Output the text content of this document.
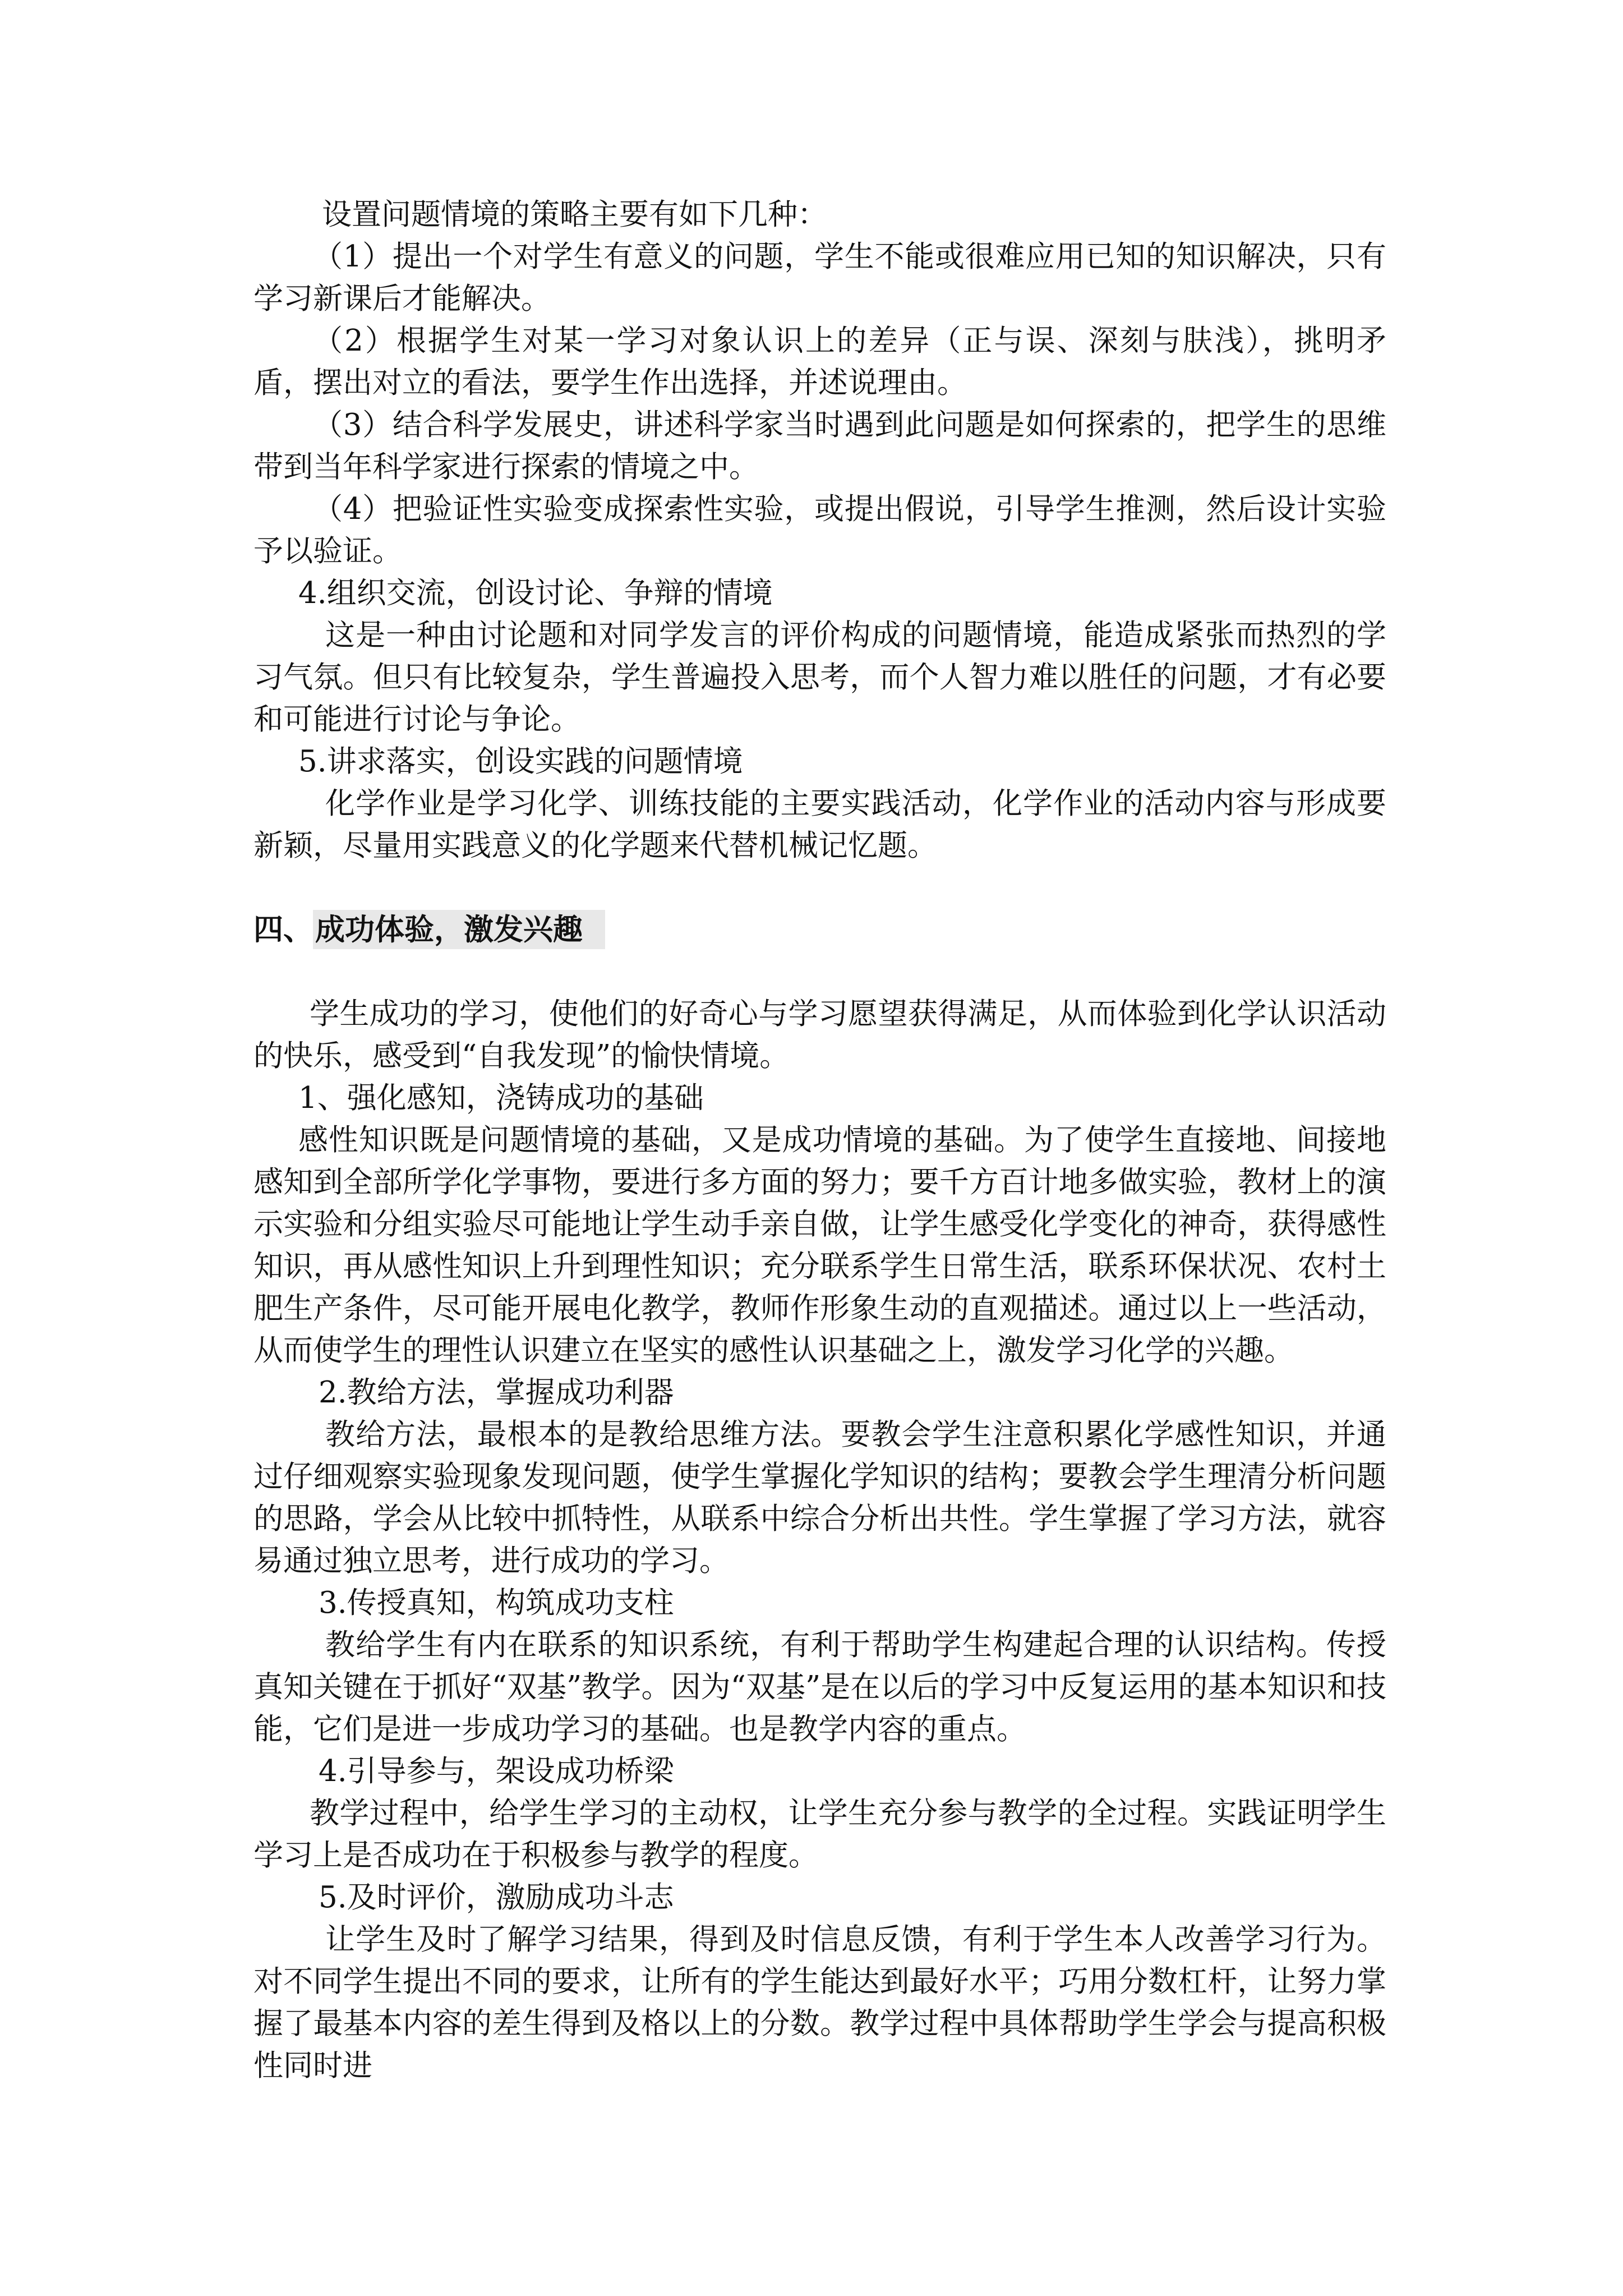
设置问题情境的策略主要有如下几种：

（1）提出一个对学生有意义的问题，学生不能或很难应用已知的知识解决，只有学习新课后才能解决。

（2）根据学生对某一学习对象认识上的差异（正与误、深刻与肤浅），挑明矛盾，摆出对立的看法，要学生作出选择，并述说理由。

（3）结合科学发展史，讲述科学家当时遇到此问题是如何探索的，把学生的思维带到当年科学家进行探索的情境之中。

（4）把验证性实验变成探索性实验，或提出假说，引导学生推测，然后设计实验予以验证。

4.组织交流，创设讨论、争辩的情境

这是一种由讨论题和对同学发言的评价构成的问题情境，能造成紧张而热烈的学习气氛。但只有比较复杂，学生普遍投入思考，而个人智力难以胜任的问题，才有必要和可能进行讨论与争论。

5.讲求落实，创设实践的问题情境

化学作业是学习化学、训练技能的主要实践活动，化学作业的活动内容与形成要新颖，尽量用实践意义的化学题来代替机械记忆题。

四、成功体验，激发兴趣

学生成功的学习，使他们的好奇心与学习愿望获得满足，从而体验到化学认识活动的快乐，感受到“自我发现”的愉快情境。

1、强化感知，浇铸成功的基础

感性知识既是问题情境的基础，又是成功情境的基础。为了使学生直接地、间接地感知到全部所学化学事物，要进行多方面的努力；要千方百计地多做实验，教材上的演示实验和分组实验尽可能地让学生动手亲自做，让学生感受化学变化的神奇，获得感性知识，再从感性知识上升到理性知识；充分联系学生日常生活，联系环保状况、农村土肥生产条件，尽可能开展电化教学，教师作形象生动的直观描述。通过以上一些活动，从而使学生的理性认识建立在坚实的感性认识基础之上，激发学习化学的兴趣。

2.教给方法，掌握成功利器

教给方法，最根本的是教给思维方法。要教会学生注意积累化学感性知识，并通过仔细观察实验现象发现问题，使学生掌握化学知识的结构；要教会学生理清分析问题的思路，学会从比较中抓特性，从联系中综合分析出共性。学生掌握了学习方法，就容易通过独立思考，进行成功的学习。

3.传授真知，构筑成功支柱

教给学生有内在联系的知识系统，有利于帮助学生构建起合理的认识结构。传授真知关键在于抓好“双基”教学。因为“双基”是在以后的学习中反复运用的基本知识和技能，它们是进一步成功学习的基础。也是教学内容的重点。

4.引导参与，架设成功桥梁

教学过程中，给学生学习的主动权，让学生充分参与教学的全过程。实践证明学生学习上是否成功在于积极参与教学的程度。

5.及时评价，激励成功斗志

让学生及时了解学习结果，得到及时信息反馈，有利于学生本人改善学习行为。对不同学生提出不同的要求，让所有的学生能达到最好水平；巧用分数杠杆，让努力掌握了最基本内容的差生得到及格以上的分数。教学过程中具体帮助学生学会与提高积极性同时进
